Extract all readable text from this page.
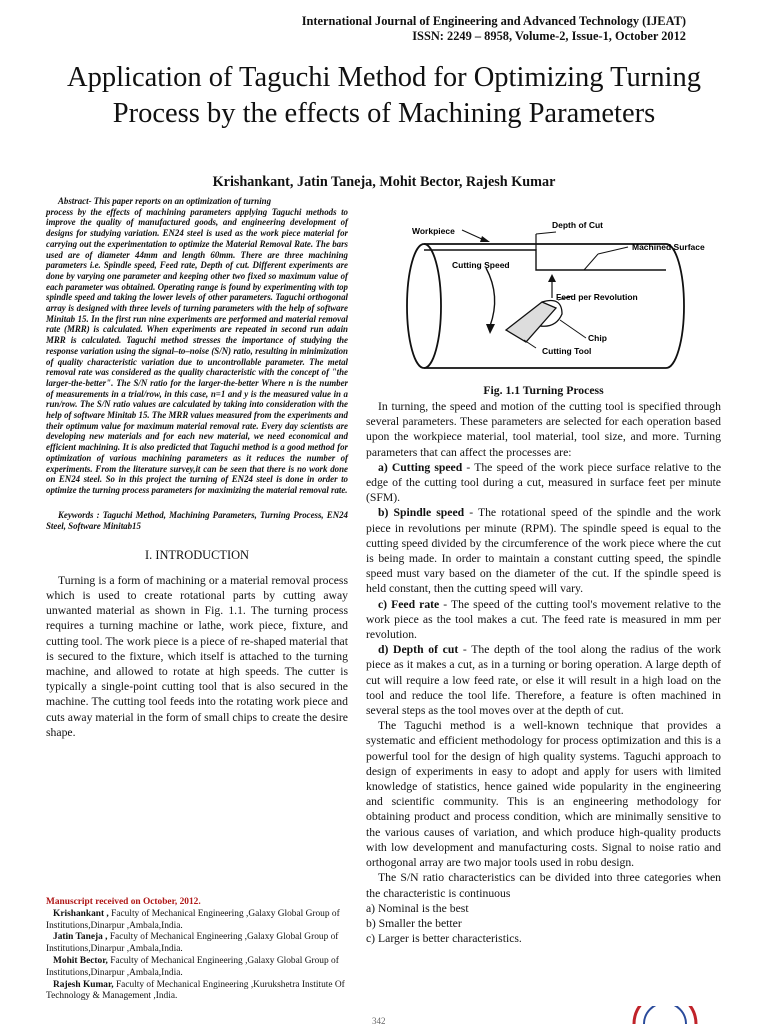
International Journal of Engineering and Advanced Technology (IJEAT)
ISSN: 2249 – 8958, Volume-2, Issue-1, October 2012
Application of Taguchi Method for Optimizing Turning Process by the effects of Machining Parameters
Krishankant, Jatin Taneja, Mohit Bector, Rajesh Kumar

Abstract- This paper reports on an optimization of turning
process by the effects of machining parameters applying Taguchi methods to improve the quality of manufactured goods, and engineering development of designs for studying variation. EN24 steel is used as the work piece material for carrying out the experimentation to optimize the Material Removal Rate. The bars used are of diameter 44mm and length 60mm. There are three machining parameters i.e. Spindle speed, Feed rate, Depth of cut. Different experiments are done by varying one parameter and keeping other two fixed so maximum value of each parameter was obtained. Operating range is found by experimenting with top spindle speed and taking the lower levels of other parameters. Taguchi orthogonal array is designed with three levels of turning parameters with the help of software Minitab 15. In the first run nine experiments are performed and material removal rate (MRR) is calculated. When experiments are repeated in second run adain MRR is calculated. Taguchi method stresses the importance of studying the response variation using the signal–to–noise (S/N) ratio, resulting in minimization of quality characteristic variation due to uncontrollable parameter. The metal removal rate was considered as the quality characteristic with the concept of "the larger-the-better". The S/N ratio for the larger-the-better Where n is the number of measurements in a trial/row, in this case, n=1 and y is the measured value in a run/row. The S/N ratio values are calculated by taking into consideration with the help of software Minitab 15. The MRR values measured from the experiments and their optimum value for maximum material removal rate. Every day scientists are developing new materials and for each new material, we need economical and efficient machining. It is also predicted that Taguchi method is a good method for optimization of various machining parameters as it reduces the number of experiments. From the literature survey,it can be seen that there is no work done on EN24 steel. So in this project the turning of EN24 steel is done in order to optimize the turning process parameters for maximizing the material removal rate.

Keywords : Taguchi Method, Machining Parameters, Turning Process, EN24 Steel, Software Minitab15

I. INTRODUCTION

Turning is a form of machining or a material removal process which is used to create rotational parts by cutting away unwanted material as shown in Fig. 1.1. The turning process requires a turning machine or lathe, work piece, fixture, and cutting tool. The work piece is a piece of re-shaped material that is secured to the fixture, which itself is attached to the turning machine, and allowed to rotate at high speeds. The cutter is typically a single-point cutting tool that is also secured in the machine. The cutting tool feeds into the rotating work piece and cuts away material in the form of small chips to create the desire shape.

Manuscript received on October, 2012.

Krishankant , Faculty of Mechanical Engineering ,Galaxy Global Group of Institutions,Dinarpur ,Ambala,India.

Jatin Taneja , Faculty of Mechanical Engineering ,Galaxy Global Group of Institutions,Dinarpur ,Ambala,India.

Mohit Bector, Faculty of Mechanical Engineering ,Galaxy Global Group of Institutions,Dinarpur ,Ambala,India.

Rajesh Kumar, Faculty of Mechanical Engineering ,Kurukshetra Institute Of Technology & Management ,India.

Workpiece
Depth of Cut
Machined Surface
Cutting Speed
Feed per Revolution
Chip
Cutting Tool
Fig. 1.1 Turning Process

In turning, the speed and motion of the cutting tool is specified through several parameters. These parameters are selected for each operation based upon the workpiece material, tool material, tool size, and more. Turning parameters that can affect the processes are:

a) Cutting speed - The speed of the work piece surface relative to the edge of the cutting tool during a cut, measured in surface feet per minute (SFM).

b) Spindle speed - The rotational speed of the spindle and the work piece in revolutions per minute (RPM). The spindle speed is equal to the cutting speed divided by the circumference of the work piece where the cut is being made. In order to maintain a constant cutting speed, the spindle speed must vary based on the diameter of the cut. If the spindle speed is held constant, then the cutting speed will vary.

c) Feed rate - The speed of the cutting tool's movement relative to the work piece as the tool makes a cut. The feed rate is measured in mm per revolution.

d) Depth of cut - The depth of the tool along the radius of the work piece as it makes a cut, as in a turning or boring operation. A large depth of cut will require a low feed rate, or else it will result in a high load on the tool and reduce the tool life. Therefore, a feature is often machined in several steps as the tool moves over at the depth of cut.

The Taguchi method is a well-known technique that provides a systematic and efficient methodology for process optimization and this is a powerful tool for the design of high quality systems. Taguchi approach to design of experiments in easy to adopt and apply for users with limited knowledge of statistics, hence gained wide popularity in the engineering and scientific community. This is an engineering methodology for obtaining product and process condition, which are minimally sensitive to the various causes of variation, and which produce high-quality products with low development and manufacturing costs. Signal to noise ratio and orthogonal array are two major tools used in robu design.

The S/N ratio characteristics can be divided into three categories when the characteristic is continuous

a) Nominal is the best

b) Smaller the better

c) Larger is better characteristics.

342
